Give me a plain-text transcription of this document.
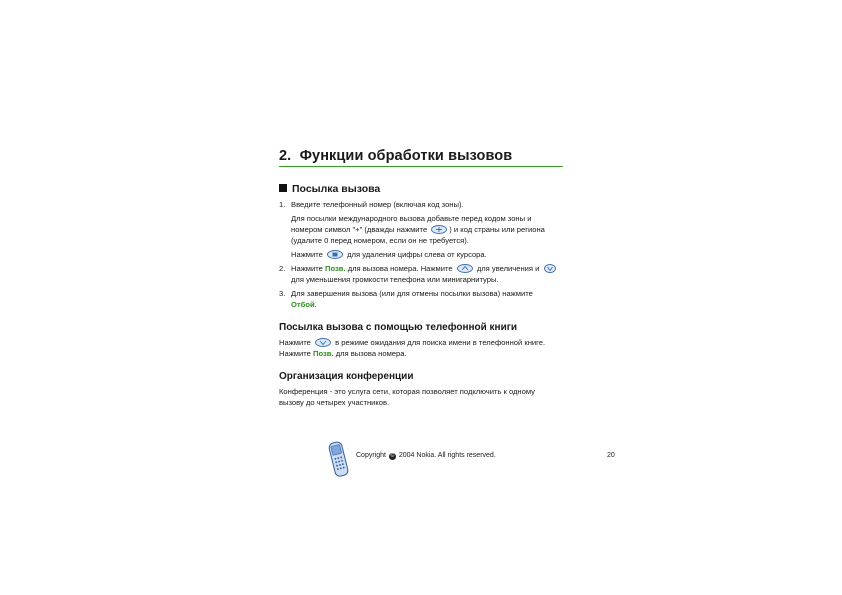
2. Функции обработки вызовов
Посылка вызова
1. Введите телефонный номер (включая код зоны).
Для посылки международного вызова добавьте перед кодом зоны и
номером символ "+" (дважды нажмите	) и код страны или региона
(удалите 0 перед номером, если он не требуется).
Нажмите	для удаления цифры слева от курсора.
2. Нажмите Позв. для вызова номера. Нажмите	для увеличения и
для уменьшения громкости телефона или минигарнитуры.
3. Для завершения вызова (или для отмены посылки вызова) нажмите
Отбой.
Посылка вызова с помощью телефонной книги
Нажмите	в режиме ожидания для поиска имени в телефонной книге.
Нажмите Позв. для вызова номера.
Организация конференции
Конференция - это услуга сети, которая позволяет подключить к одному
вызову до четырех участников.
Copyright © 2004 Nokia. All rights reserved.	20
